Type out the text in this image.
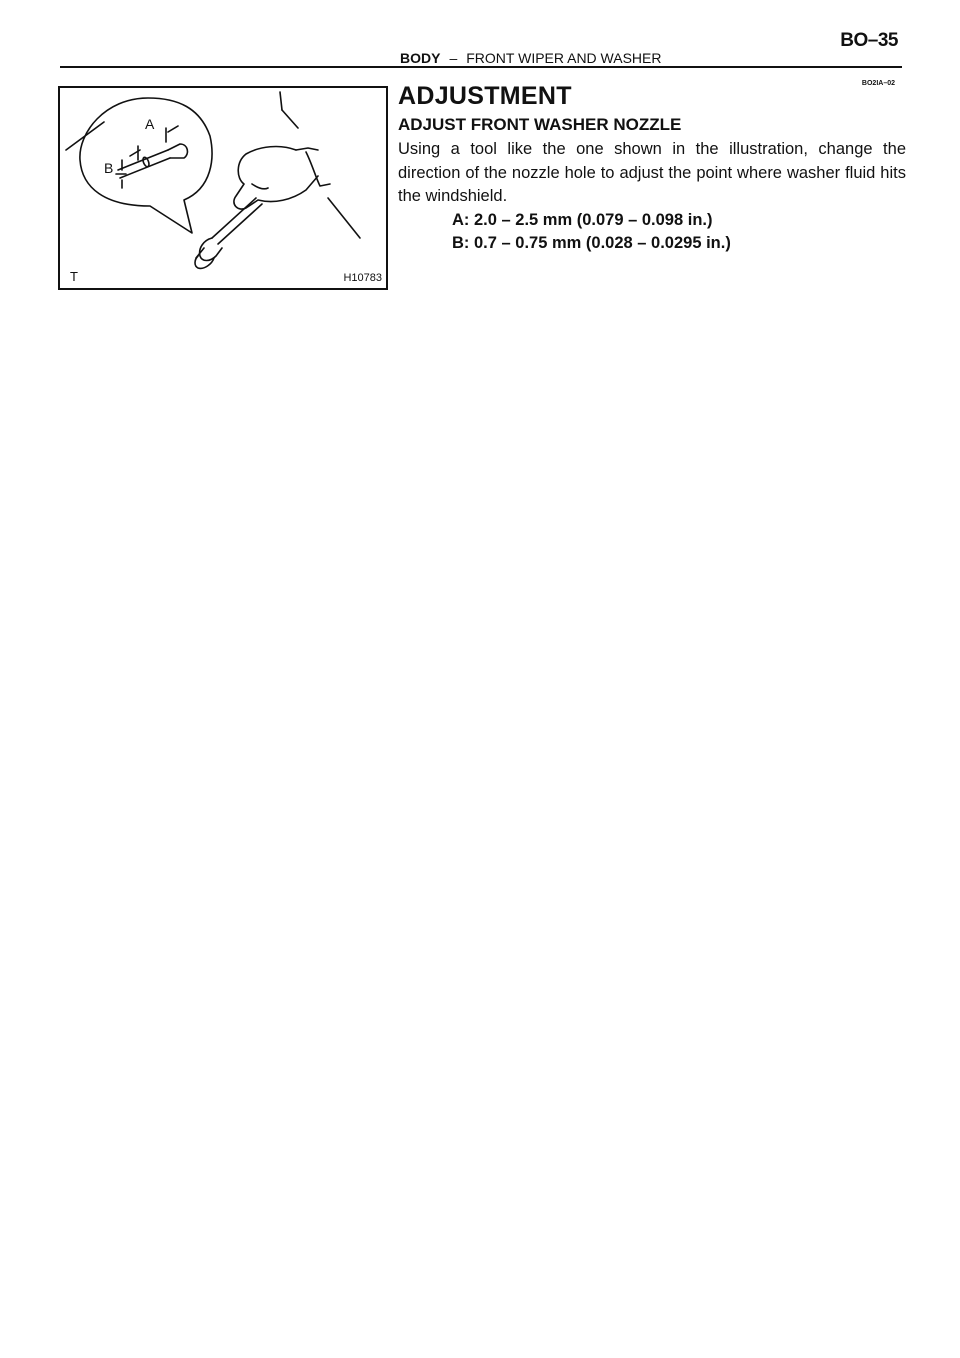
BO–35
BODY – FRONT WIPER AND WASHER
BO2IA–02
A
B
T	H10783
ADJUSTMENT
ADJUST FRONT WASHER NOZZLE

Using a tool like the one shown in the illustration, change the direction of the nozzle hole to adjust the point where washer fluid hits the windshield.

A: 2.0 – 2.5 mm (0.079 – 0.098 in.)

B: 0.7 – 0.75 mm (0.028 – 0.0295 in.)
